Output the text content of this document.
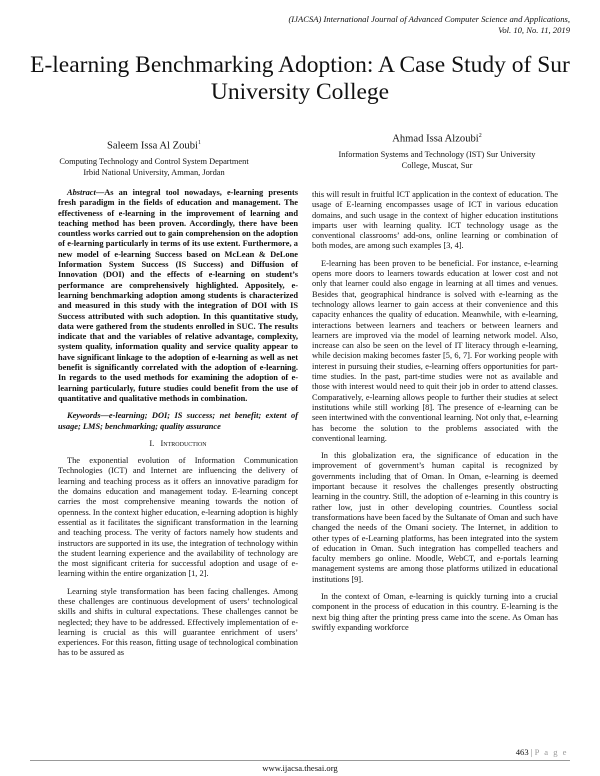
(IJACSA) International Journal of Advanced Computer Science and Applications,
Vol. 10, No. 11, 2019
E-learning Benchmarking Adoption: A Case Study of Sur University College
Saleem Issa Al Zoubi$^1$
Computing Technology and Control System Department
Irbid National University, Amman, Jordan
Ahmad Issa Alzoubi$^2$
Information Systems and Technology (IST) Sur University
College, Muscat, Sur

Abstract—As an integral tool nowadays, e-learning presents fresh paradigm in the fields of education and management. The effectiveness of e-learning in the improvement of learning and teaching method has been proven. Accordingly, there have been countless works carried out to gain comprehension on the adoption of e-learning particularly in terms of its use extent. Furthermore, a new model of e-learning Success based on McLean & DeLone Information System Success (IS Success) and Diffusion of Innovation (DOI) and the effects of e-learning on student’s performance are comprehensively highlighted. Appositely, e-learning benchmarking adoption among students is characterized and measured in this study with the integration of DOI with IS Success attributed with such adoption. In this quantitative study, data were gathered from the students enrolled in SUC. The results indicate that and the variables of relative advantage, complexity, system quality, information quality and service quality appear to have significant linkage to the adoption of e-learning as well as net benefit is significantly correlated with the adoption of e-learning. In regards to the used methods for examining the adoption of e-learning particularly, future studies could benefit from the use of quantitative and qualitative methods in combination.

Keywords—e-learning; DOI; IS success; net benefit; extent of usage; LMS; benchmarking; quality assurance

I. Introduction

The exponential evolution of Information Communication Technologies (ICT) and Internet are influencing the delivery of learning and teaching process as it offers an innovative paradigm for the domains education and management today. E-learning concept carries the most comprehensive meaning towards the notion of openness. In the context higher education, e-learning adoption is highly essential as it facilitates the significant transformation in the learning and teaching process. The verity of factors namely how students and instructors are supported in its use, the integration of technology within the student learning experience and the availability of technology are the most significant criteria for successful adoption and usage of e-learning within the entire organization [1, 2].

Learning style transformation has been facing challenges. Among these challenges are continuous development of users’ technological skills and shifts in cultural expectations. These challenges cannot be neglected; they have to be addressed. Effectively implementation of e-learning is crucial as this will guarantee enrichment of users’ experiences. For this reason, fitting usage of technological combination has to be assured as

this will result in fruitful ICT application in the context of education. The usage of E-learning encompasses usage of ICT in various education domains, and such usage in the context of higher education institutions imparts user with learning quality. ICT technology usage as the conventional classrooms’ add-ons, online learning or combination of both modes, are among such examples [3, 4].

E-learning has been proven to be beneficial. For instance, e-learning opens more doors to learners towards education at lower cost and not only that learner could also engage in learning at all times and venues. Besides that, geographical hindrance is solved with e-learning as the technology allows learner to gain access at their convenience and this capacity enhances the quality of education. Meanwhile, with e-learning, interactions between learners and teachers or between learners and learners are improved via the model of learning network model. Also, increase can also be seen on the level of IT literacy through e-learning, while decision making becomes faster [5, 6, 7]. For working people with interest in pursuing their studies, e-learning offers opportunities for part-time studies. In the past, part-time studies were not as available and those with interest would need to quit their job in order to attend classes. Comparatively, e-learning allows people to further their studies at select institutions while still working [8]. The presence of e-learning can be seen intertwined with the conventional learning. Not only that, e-learning has become the solution to the problems associated with the conventional learning.

In this globalization era, the significance of education in the improvement of government’s human capital is recognized by governments including that of Oman. In Oman, e-learning is deemed important because it resolves the challenges presently obstructing learning in the country. Still, the adoption of e-learning in this country is rather low, just in other developing countries. Countless social transformations have been faced by the Sultanate of Oman and such have changed the needs of the Omani society. The Internet, in addition to other types of e-Learning platforms, has been integrated into the system of education in Oman. Such integration has compelled teachers and faculty members go online. Moodle, WebCT, and e-portals learning management systems are among those platforms utilized in educational institutions [9].

In the context of Oman, e-learning is quickly turning into a crucial component in the process of education in this country. E-learning is the next big thing after the printing press came into the scene. As Oman has swiftly expanding workforce

463 | P a g e
www.ijacsa.thesai.org
